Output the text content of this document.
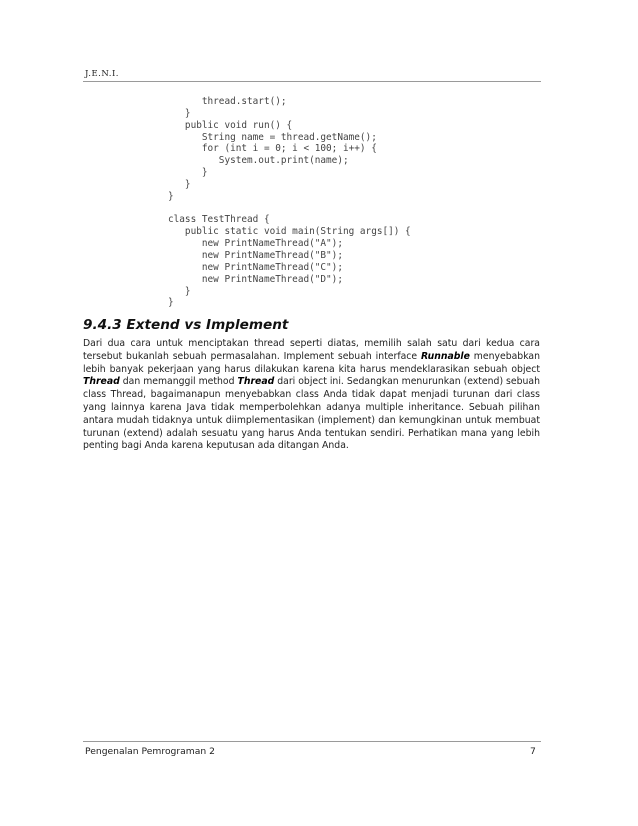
J.E.N.I.
thread.start();
}
public void run() {
String name = thread.getName();
for (int i = 0; i < 100; i++) {
System.out.print(name);
}
}
}
class TestThread {
public static void main(String args[]) {
new PrintNameThread("A");
new PrintNameThread("B");
new PrintNameThread("C");
new PrintNameThread("D");
}
}
9.4.3 Extend vs Implement
Dari dua cara untuk menciptakan thread seperti diatas, memilih salah satu dari kedua cara tersebut bukanlah sebuah permasalahan. Implement sebuah interface Runnable menyebabkan lebih banyak pekerjaan yang harus dilakukan karena kita harus mendeklarasikan sebuah object Thread dan memanggil method Thread dari object ini. Sedangkan menurunkan (extend) sebuah class Thread, bagaimanapun menyebabkan class Anda tidak dapat menjadi turunan dari class yang lainnya karena Java tidak memperbolehkan adanya multiple inheritance. Sebuah pilihan antara mudah tidaknya untuk diimplementasikan (implement) dan kemungkinan untuk membuat turunan (extend) adalah sesuatu yang harus Anda tentukan sendiri. Perhatikan mana yang lebih penting bagi Anda karena keputusan ada ditangan Anda.
Pengenalan Pemrograman 2	7
